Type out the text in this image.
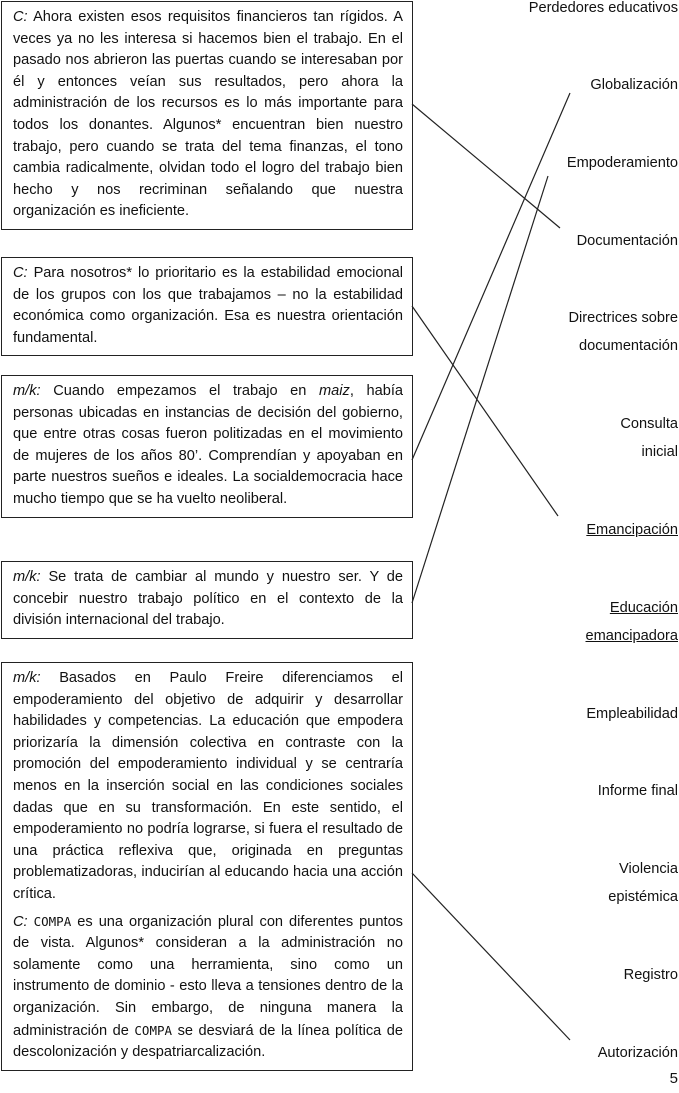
C: Ahora existen esos requisitos financieros tan rígidos. A veces ya no les interesa si hacemos bien el trabajo. En el pasado nos abrieron las puertas cuando se interesaban por él y entonces veían sus resultados, pero ahora la administración de los recursos es lo más importante para todos los donantes. Algunos* encuentran bien nuestro trabajo, pero cuando se trata del tema finanzas, el tono cambia radicalmente, olvidan todo el logro del trabajo bien hecho y nos recriminan señalando que nuestra organización es ineficiente.

C: Para nosotros* lo prioritario es la estabilidad emocional de los grupos con los que trabajamos – no la estabilidad económica como organización. Esa es nuestra orientación fundamental.

m/k: Cuando empezamos el trabajo en maiz, había personas ubicadas en instancias de decisión del gobierno, que entre otras cosas fueron politizadas en el movimiento de mujeres de los años 80’. Comprendían y apoyaban en parte nuestros sueños e ideales. La socialdemocracia hace mucho tiempo que se ha vuelto neoliberal.

m/k: Se trata de cambiar al mundo y nuestro ser. Y de concebir nuestro trabajo político en el contexto de la división internacional del trabajo.

m/k: Basados en Paulo Freire diferenciamos el empoderamiento del objetivo de adquirir y desarrollar habilidades y competencias. La educación que empodera priorizaría la dimensión colectiva en contraste con la promoción del empoderamiento individual y se centraría menos en la inserción social en las condiciones sociales dadas que en su transformación. En este sentido, el empoderamiento no podría lograrse, si fuera el resultado de una práctica reflexiva que, originada en preguntas problematizadoras, inducirían al educando hacia una acción crítica.

C: COMPA es una organización plural con diferentes puntos de vista. Algunos* consideran a la administración no solamente como una herramienta, sino como un instrumento de dominio - esto lleva a tensiones dentro de la organización. Sin embargo, de ninguna manera la administración de COMPA se desviará de la línea política de descolonización y despatriarcalización.

Perdedores educativos
Globalización
Empoderamiento
Documentación
Directrices sobre
documentación
Consulta
inicial
Emancipación
Educación
emancipadora
Empleabilidad
Informe final
Violencia
epistémica
Registro
Autorización
5
